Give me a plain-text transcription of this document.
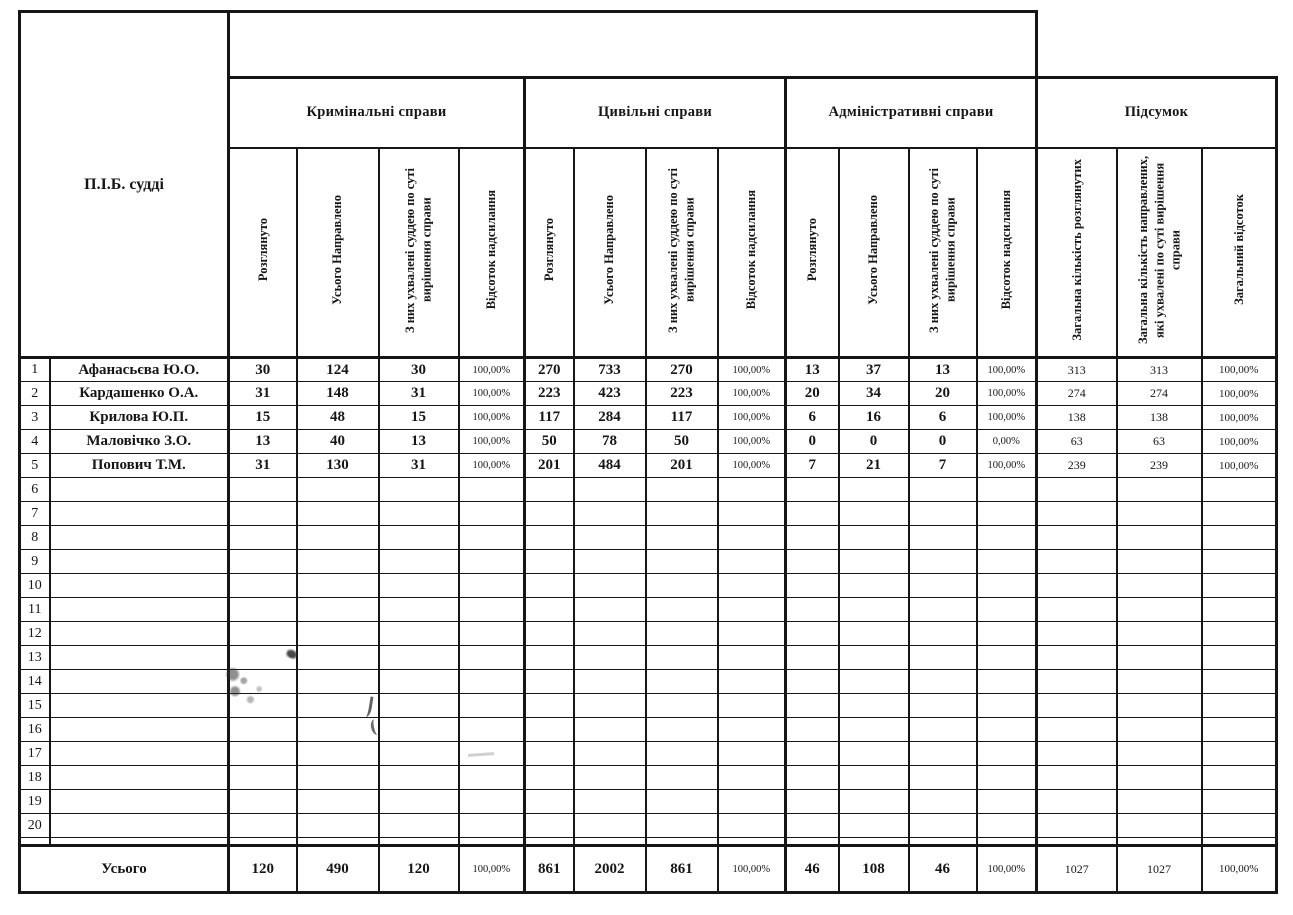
П.І.Б. судді																
		Кримінальні справи				Цивільні справи				Адміністративні справи				Підсумок		
		Розглянуто	Усього Направлено	З них ухвалені суддею по суті вирішення справи	Відсоток надсилання	Розглянуто	Усього Направлено	З них ухвалені суддею по суті вирішення справи	Відсоток надсилання	Розглянуто	Усього Направлено	З них ухвалені суддею по суті вирішення справи	Відсоток надсилання	Загальна кількість розглянутих	Загальна кількість направлених, які ухвалені по суті вирішення справи	Загальний відсоток
1	Афанасьєва Ю.О.	30	124	30	100,00%	270	733	270	100,00%	13	37	13	100,00%	313	313	100,00%
2	Кардашенко О.А.	31	148	31	100,00%	223	423	223	100,00%	20	34	20	100,00%	274	274	100,00%
3	Крилова Ю.П.	15	48	15	100,00%	117	284	117	100,00%	6	16	6	100,00%	138	138	100,00%
4	Маловічко З.О.	13	40	13	100,00%	50	78	50	100,00%	0	0	0	0,00%	63	63	100,00%
5	Попович Т.М.	31	130	31	100,00%	201	484	201	100,00%	7	21	7	100,00%	239	239	100,00%
6																
7																
8																
9																
10																
11																
12																
13																
14																
15																
16																
17																
18																
19																
20																

Усього		120	490	120	100,00%	861	2002	861	100,00%	46	108	46	100,00%	1027	1027	100,00%
